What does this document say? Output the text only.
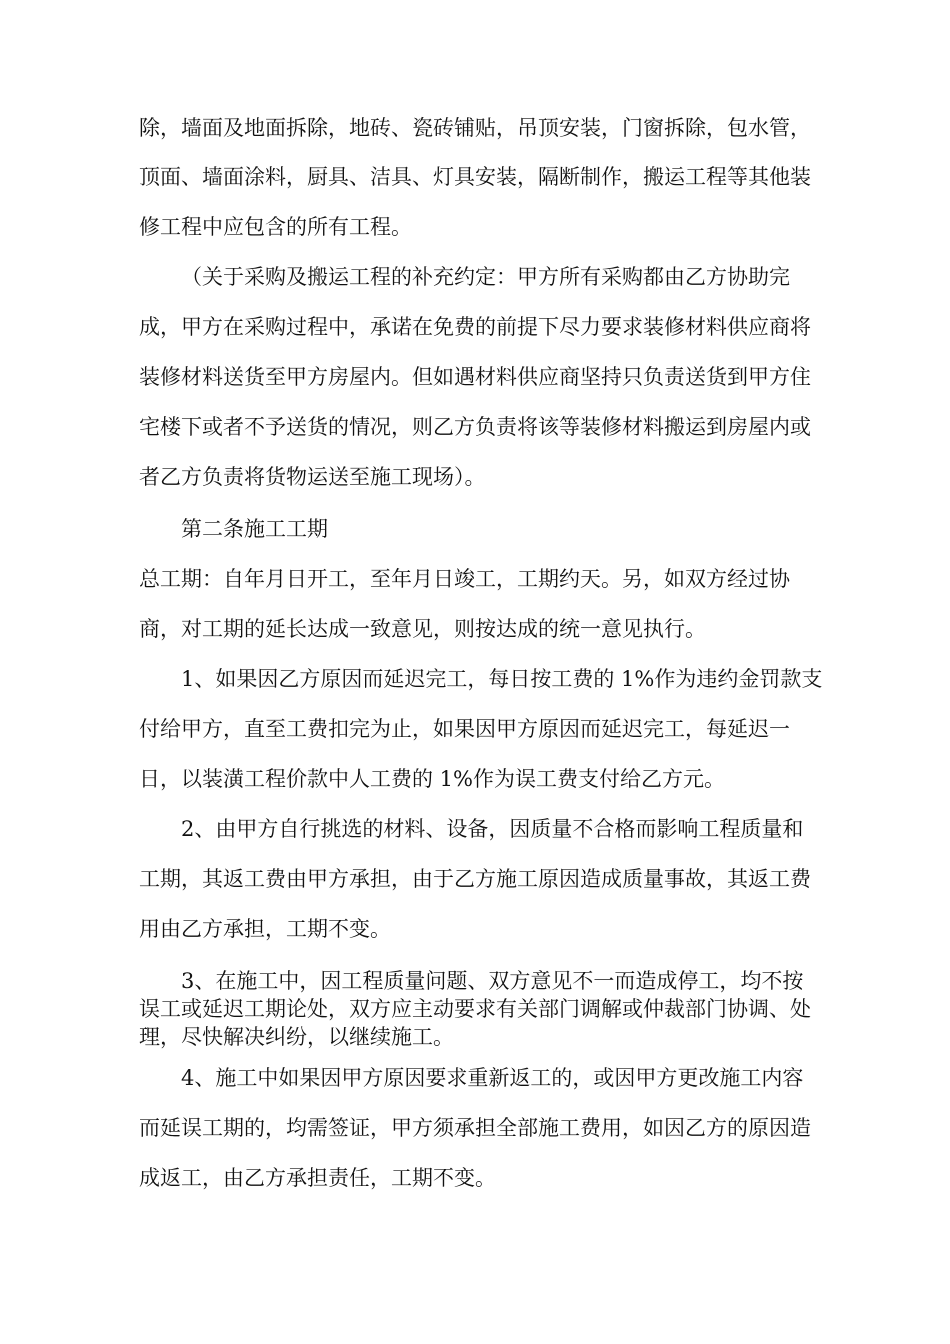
除，墙面及地面拆除，地砖、瓷砖铺贴，吊顶安装，门窗拆除，包水管，
顶面、墙面涂料，厨具、洁具、灯具安装，隔断制作，搬运工程等其他装
修工程中应包含的所有工程。
（关于采购及搬运工程的补充约定：甲方所有采购都由乙方协助完
成，甲方在采购过程中，承诺在免费的前提下尽力要求装修材料供应商将
装修材料送货至甲方房屋内。但如遇材料供应商坚持只负责送货到甲方住
宅楼下或者不予送货的情况，则乙方负责将该等装修材料搬运到房屋内或
者乙方负责将货物运送至施工现场）。
第二条施工工期
总工期：自年月日开工，至年月日竣工，工期约天。另，如双方经过协
商，对工期的延长达成一致意见，则按达成的统一意见执行。
1、如果因乙方原因而延迟完工，每日按工费的 1%作为违约金罚款支
付给甲方，直至工费扣完为止，如果因甲方原因而延迟完工，每延迟一
日，以装潢工程价款中人工费的 1%作为误工费支付给乙方元。
2、由甲方自行挑选的材料、设备，因质量不合格而影响工程质量和
工期，其返工费由甲方承担，由于乙方施工原因造成质量事故，其返工费
用由乙方承担，工期不变。
3、在施工中，因工程质量问题、双方意见不一而造成停工，均不按
误工或延迟工期论处，双方应主动要求有关部门调解或仲裁部门协调、处
理，尽快解决纠纷，以继续施工。
4、施工中如果因甲方原因要求重新返工的，或因甲方更改施工内容
而延误工期的，均需签证，甲方须承担全部施工费用，如因乙方的原因造
成返工，由乙方承担责任，工期不变。
